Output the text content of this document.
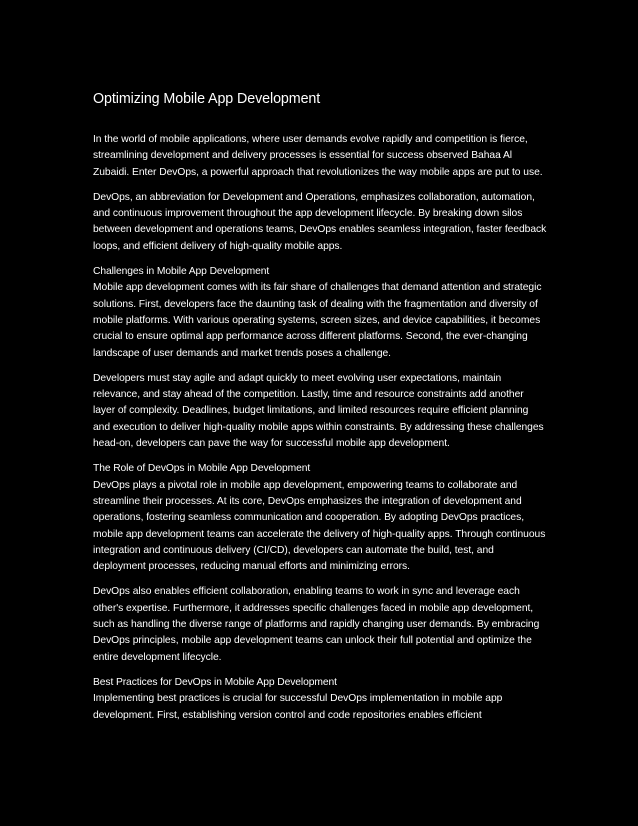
Optimizing Mobile App Development

In the world of mobile applications, where user demands evolve rapidly and competition is fierce, streamlining development and delivery processes is essential for success observed Bahaa Al Zubaidi. Enter DevOps, a powerful approach that revolutionizes the way mobile apps are put to use.

DevOps, an abbreviation for Development and Operations, emphasizes collaboration, automation, and continuous improvement throughout the app development lifecycle. By breaking down silos between development and operations teams, DevOps enables seamless integration, faster feedback loops, and efficient delivery of high-quality mobile apps.

Challenges in Mobile App Development

Mobile app development comes with its fair share of challenges that demand attention and strategic solutions. First, developers face the daunting task of dealing with the fragmentation and diversity of mobile platforms. With various operating systems, screen sizes, and device capabilities, it becomes crucial to ensure optimal app performance across different platforms. Second, the ever-changing landscape of user demands and market trends poses a challenge.

Developers must stay agile and adapt quickly to meet evolving user expectations, maintain relevance, and stay ahead of the competition. Lastly, time and resource constraints add another layer of complexity. Deadlines, budget limitations, and limited resources require efficient planning and execution to deliver high-quality mobile apps within constraints. By addressing these challenges head-on, developers can pave the way for successful mobile app development.

The Role of DevOps in Mobile App Development

DevOps plays a pivotal role in mobile app development, empowering teams to collaborate and streamline their processes. At its core, DevOps emphasizes the integration of development and operations, fostering seamless communication and cooperation. By adopting DevOps practices, mobile app development teams can accelerate the delivery of high-quality apps. Through continuous integration and continuous delivery (CI/CD), developers can automate the build, test, and deployment processes, reducing manual efforts and minimizing errors.

DevOps also enables efficient collaboration, enabling teams to work in sync and leverage each other's expertise. Furthermore, it addresses specific challenges faced in mobile app development, such as handling the diverse range of platforms and rapidly changing user demands. By embracing DevOps principles, mobile app development teams can unlock their full potential and optimize the entire development lifecycle.

Best Practices for DevOps in Mobile App Development

Implementing best practices is crucial for successful DevOps implementation in mobile app development. First, establishing version control and code repositories enables efficient
